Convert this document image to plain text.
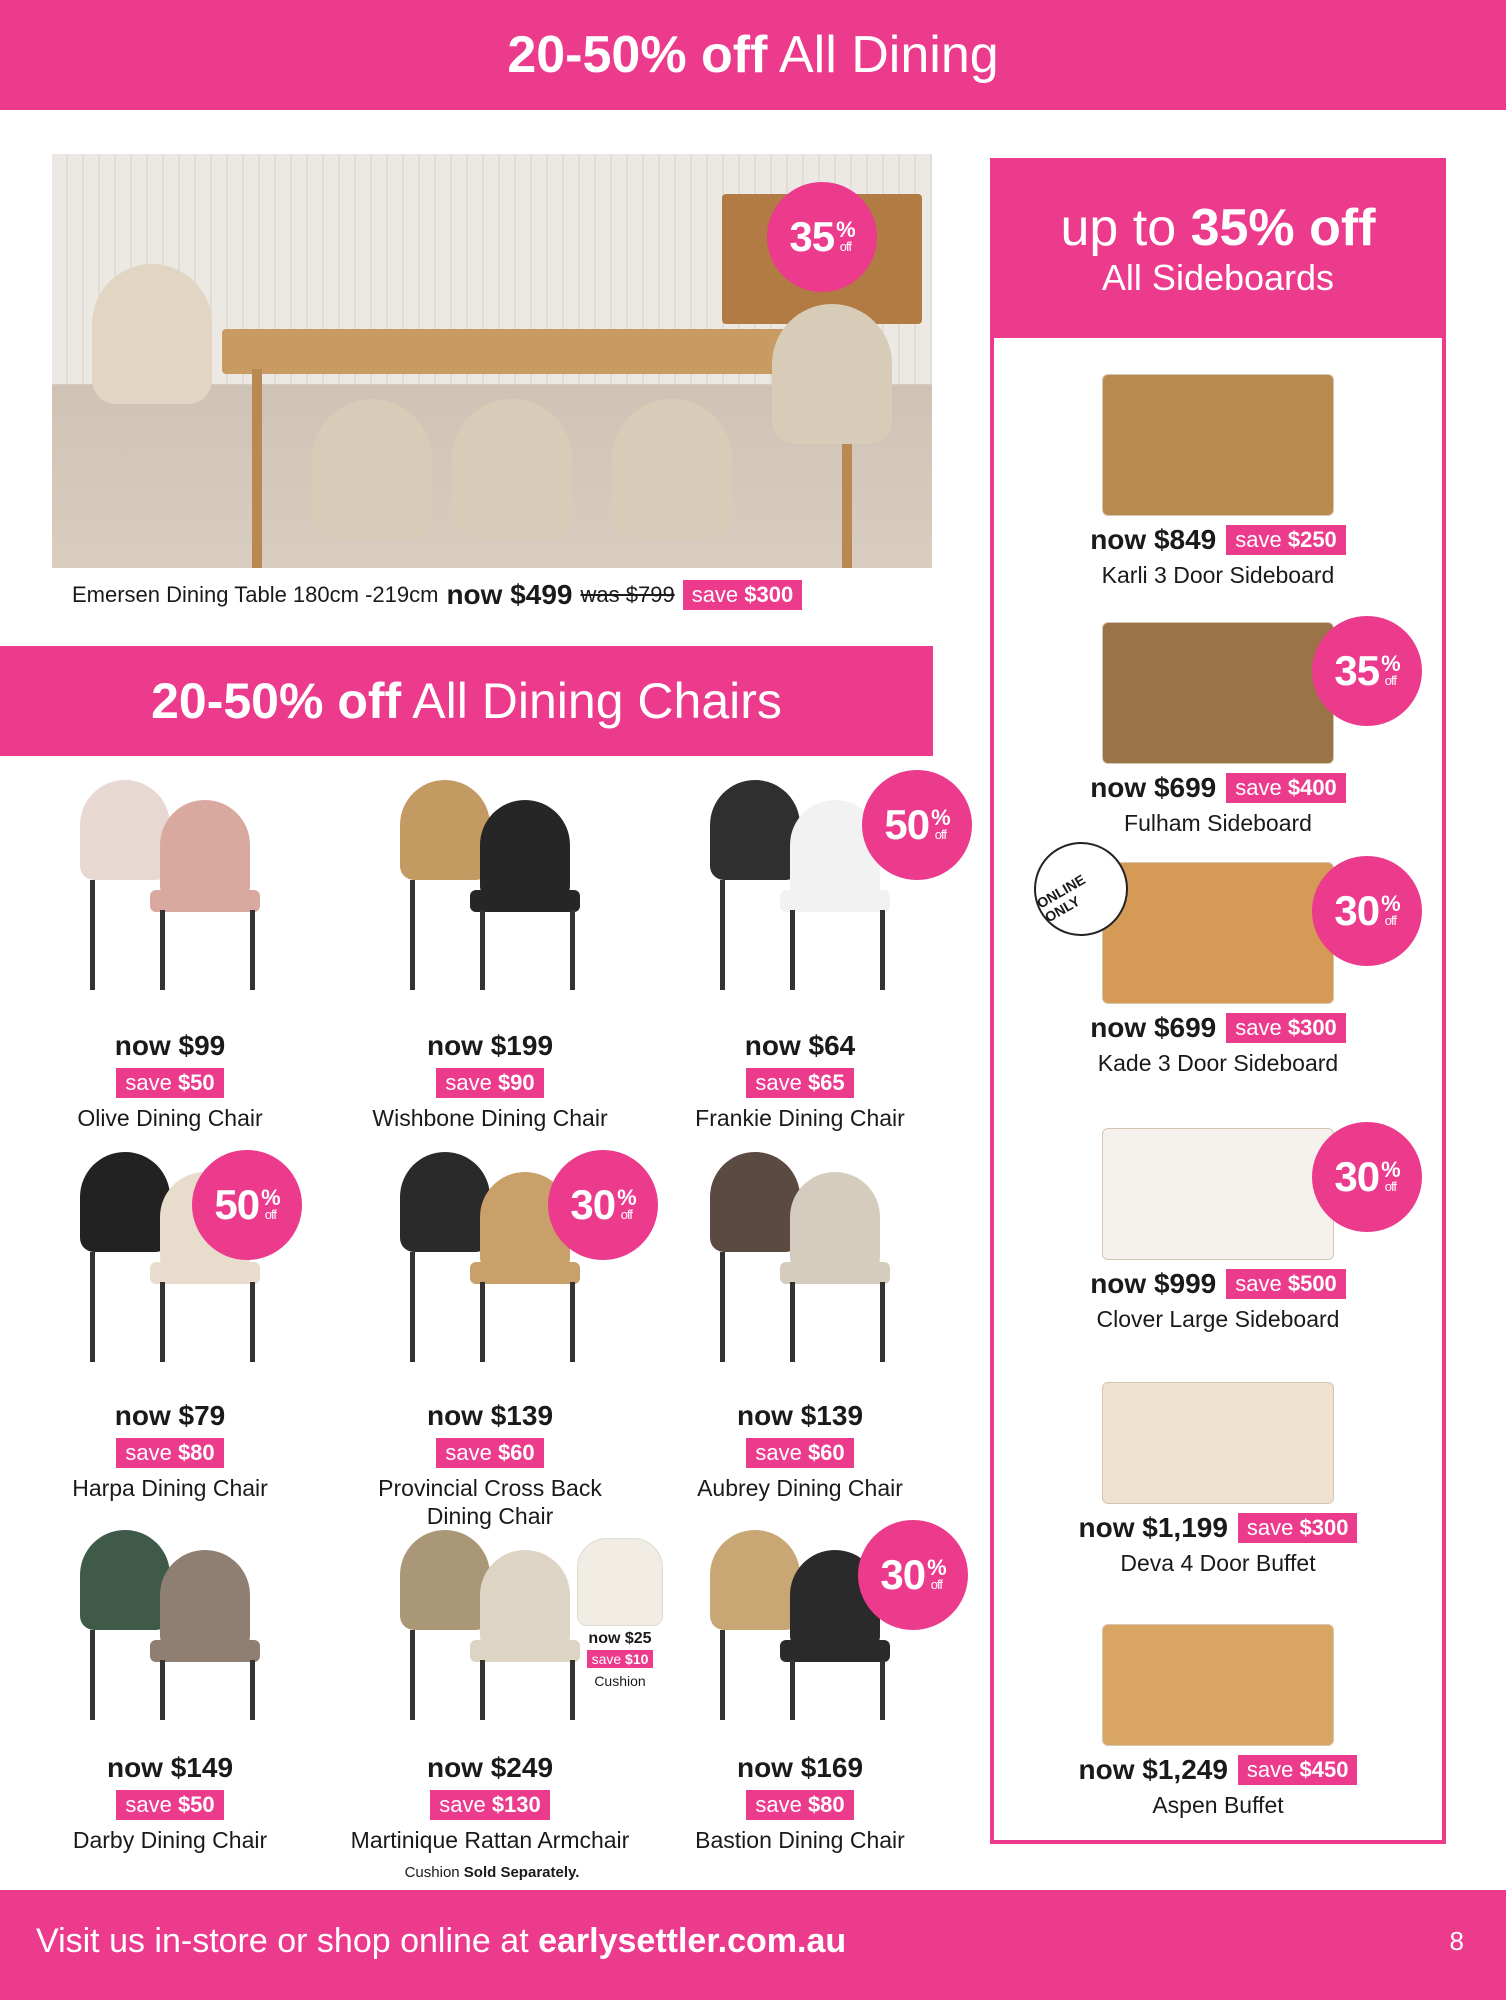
20-50% off All Dining
35 %
off
Emersen Dining Table 180cm -219cm now $499 was $799 save $300
20-50% off All Dining Chairs
now $99
save $50
Olive Dining Chair
now $199
save $90
Wishbone Dining Chair
now $64
save $65
Frankie Dining Chair
50 %
off
now $79
save $80
Harpa Dining Chair
50 %
off
now $139
save $60
Provincial Cross Back
Dining Chair
30 %
off
now $139
save $60
Aubrey Dining Chair
now $149
save $50
Darby Dining Chair
now $249
save $130
Martinique Rattan Armchair
now $169
save $80
Bastion Dining Chair
30 %
off
now $25
save $10
Cushion
Cushion Sold Separately.
up to 35% off
All Sideboards
now $849 save $250
Karli 3 Door Sideboard
now $699 save $400
Fulham Sideboard
35 %
off
now $699 save $300
Kade 3 Door Sideboard
30 %
off
now $999 save $500
Clover Large Sideboard
30 %
off
now $1,199 save $300
Deva 4 Door Buffet
now $1,249 save $450
Aspen Buffet
ONLINE ONLY
Visit us in-store or shop online at earlysettler.com.au	8
